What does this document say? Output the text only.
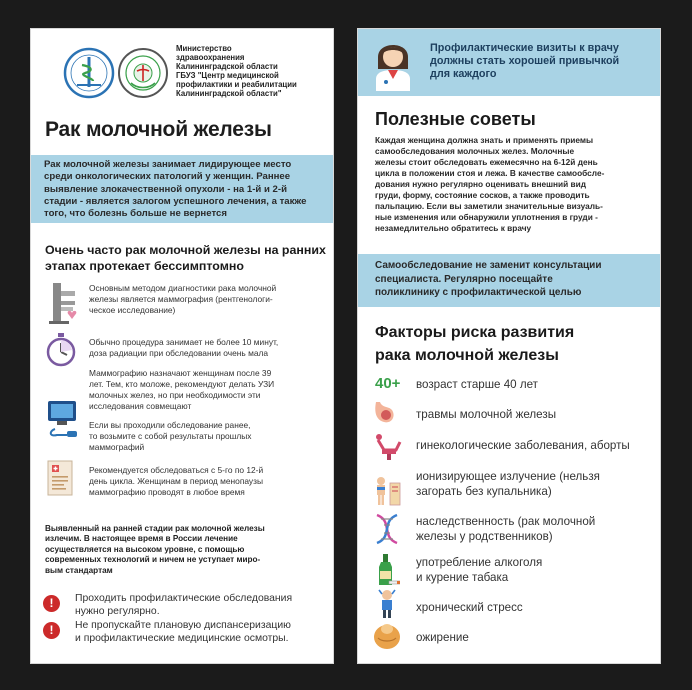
Министерство
здравоохранения
Калининградской области
ГБУЗ "Центр медицинской
профилактики и реабилитации
Калининградской области"
Рак молочной железы
Рак молочной железы занимает лидирующее место
среди онкологических патологий у женщин. Раннее
выявление злокачественной опухоли - на 1-й и 2-й
стадии - является залогом успешного лечения, а также
того, что болезнь больше не вернется
Очень часто рак молочной железы на ранних
этапах протекает бессимптомно
Основным методом диагностики рака молочной
железы является маммография (рентгенологи-
ческое исследование)
Обычно процедура занимает не более 10 минут,
доза радиации при обследовании очень мала
Маммографию назначают женщинам после 39
лет. Тем, кто моложе, рекомендуют делать УЗИ
молочных желез, но при необходимости эти
исследования совмещают
Если вы проходили обследование ранее,
то возьмите с собой результаты прошлых
маммографий
Рекомендуется обследоваться с 5-го по 12-й
день цикла. Женщинам в период менопаузы
маммографию проводят в любое время
Выявленный на ранней стадии рак молочной железы
излечим. В настоящее время в России лечение
осуществляется на высоком уровне, с помощью
современных технологий и ничем не уступает миро-
вым стандартам
!	Проходить профилактические обследования
нужно регулярно.
!	Не пропускайте плановую диспансеризацию
и профилактические медицинские осмотры.
Профилактические визиты к врачу
должны стать хорошей привычкой
для каждого
Полезные советы
Каждая женщина должна знать и применять приемы
самообследования молочных желез. Молочные
железы стоит обследовать ежемесячно на 6-12й день
цикла в положении стоя и лежа. В качестве самообсле-
дования нужно регулярно оценивать внешний вид
груди, форму, состояние сосков, а также проводить
пальпацию. Если вы заметили значительные визуаль-
ные изменения или обнаружили уплотнения в груди -
незамедлительно обратитесь к врачу
Самообследование не заменит консультации
специалиста. Регулярно посещайте
поликлинику с профилактической целью
Факторы риска развития
рака молочной железы
40+ возраст старше 40 лет
травмы молочной железы
гинекологические заболевания, аборты
ионизирующее излучение (нельзя
загорать без купальника)
наследственность (рак молочной
железы у родственников)
употребление алкоголя
и курение табака
хронический стресс
ожирение
